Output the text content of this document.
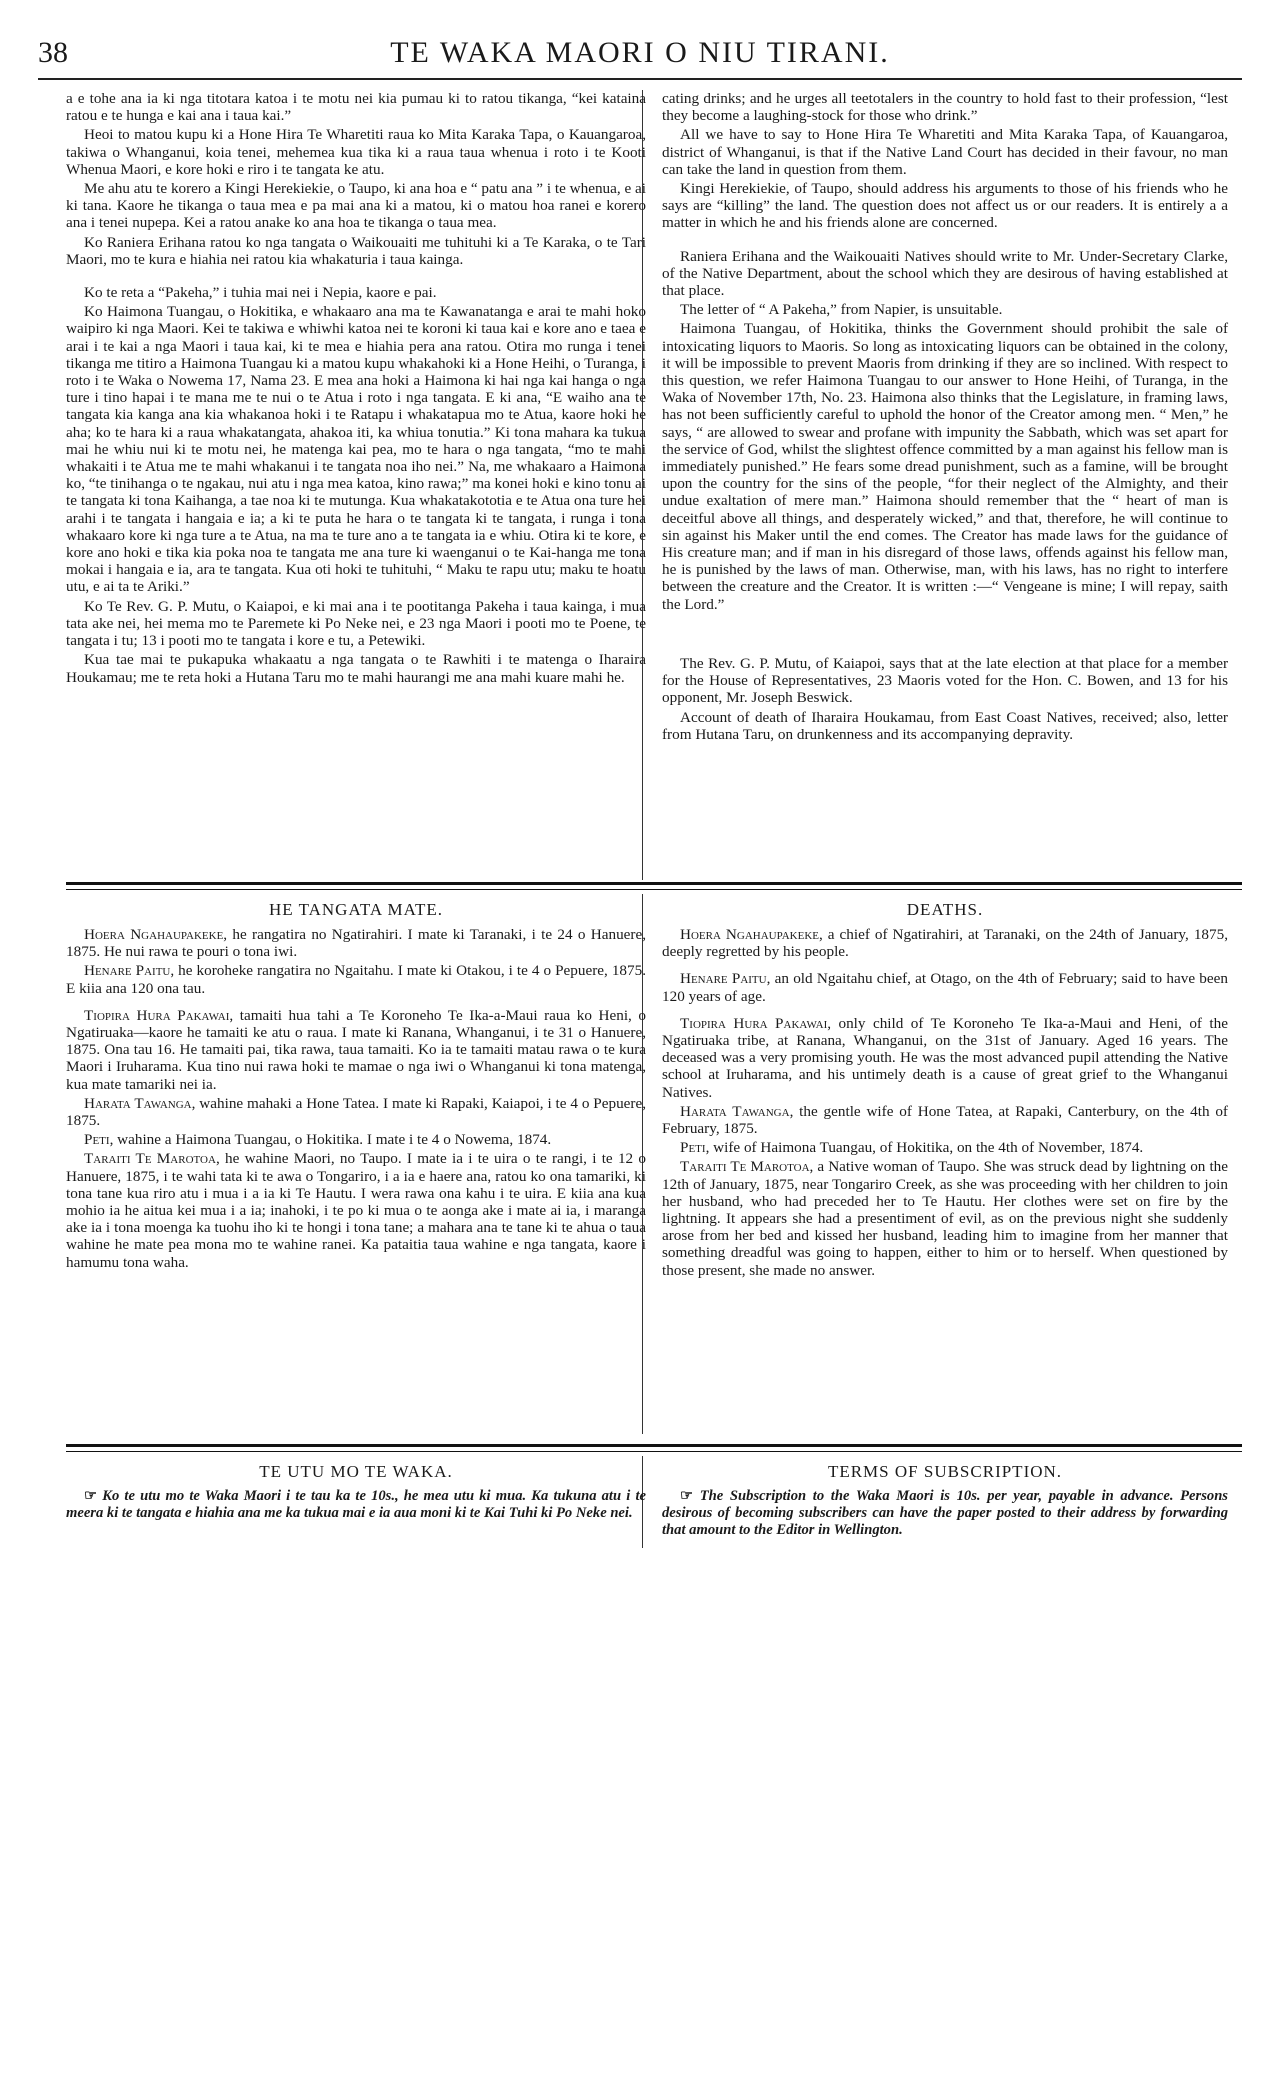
38	TE WAKA MAORI O NIU TIRANI.

a e tohe ana ia ki nga titotara katoa i te motu nei kia pumau ki to ratou tikanga, “kei kataina ratou e te hunga e kai ana i taua kai.”

Heoi to matou kupu ki a Hone Hira Te Wharetiti raua ko Mita Karaka Tapa, o Kauangaroa, takiwa o Whanganui, koia tenei, mehemea kua tika ki a raua taua whenua i roto i te Kooti Whenua Maori, e kore hoki e riro i te tangata ke atu.

Me ahu atu te korero a Kingi Herekiekie, o Taupo, ki ana hoa e “ patu ana ” i te whenua, e ai ki tana. Kaore he tikanga o taua mea e pa mai ana ki a matou, ki o matou hoa ranei e korero ana i tenei nupepa. Kei a ratou anake ko ana hoa te tikanga o taua mea.

Ko Raniera Erihana ratou ko nga tangata o Waikouaiti me tuhituhi ki a Te Karaka, o te Tari Maori, mo te kura e hiahia nei ratou kia whakaturia i taua kainga.

Ko te reta a “Pakeha,” i tuhia mai nei i Nepia, kaore e pai.

Ko Haimona Tuangau, o Hokitika, e whakaaro ana ma te Kawanatanga e arai te mahi hoko waipiro ki nga Maori. Kei te takiwa e whiwhi katoa nei te koroni ki taua kai e kore ano e taea e arai i te kai a nga Maori i taua kai, ki te mea e hiahia pera ana ratou. Otira mo runga i tenei tikanga me titiro a Haimona Tuangau ki a matou kupu whakahoki ki a Hone Heihi, o Turanga, i roto i te Waka o Nowema 17, Nama 23. E mea ana hoki a Haimona ki hai nga kai hanga o nga ture i tino hapai i te mana me te nui o te Atua i roto i nga tangata. E ki ana, “E waiho ana te tangata kia kanga ana kia whakanoa hoki i te Ratapu i whakatapua mo te Atua, kaore hoki he aha; ko te hara ki a raua whakatangata, ahakoa iti, ka whiua tonutia.” Ki tona mahara ka tukua mai he whiu nui ki te motu nei, he matenga kai pea, mo te hara o nga tangata, “mo te mahi whakaiti i te Atua me te mahi whakanui i te tangata noa iho nei.” Na, me whakaaro a Haimona ko, “te tinihanga o te ngakau, nui atu i nga mea katoa, kino rawa;” ma konei hoki e kino tonu ai te tangata ki tona Kaihanga, a tae noa ki te mutunga. Kua whakatakototia e te Atua ona ture hei arahi i te tangata i hangaia e ia; a ki te puta he hara o te tangata ki te tangata, i runga i tona whakaaro kore ki nga ture a te Atua, na ma te ture ano a te tangata ia e whiu. Otira ki te kore, e kore ano hoki e tika kia poka noa te tangata me ana ture ki waenganui o te Kai-hanga me tona mokai i hangaia e ia, ara te tangata. Kua oti hoki te tuhituhi, “ Maku te rapu utu; maku te hoatu utu, e ai ta te Ariki.”

Ko Te Rev. G. P. Mutu, o Kaiapoi, e ki mai ana i te pootitanga Pakeha i taua kainga, i mua tata ake nei, hei mema mo te Paremete ki Po Neke nei, e 23 nga Maori i pooti mo te Poene, te tangata i tu; 13 i pooti mo te tangata i kore e tu, a Petewiki.

Kua tae mai te pukapuka whakaatu a nga tangata o te Rawhiti i te matenga o Iharaira Houkamau; me te reta hoki a Hutana Taru mo te mahi haurangi me ana mahi kuare mahi he.

cating drinks; and he urges all teetotalers in the country to hold fast to their profession, “lest they become a laughing-stock for those who drink.”

All we have to say to Hone Hira Te Wharetiti and Mita Karaka Tapa, of Kauangaroa, district of Whanganui, is that if the Native Land Court has decided in their favour, no man can take the land in question from them.

Kingi Herekiekie, of Taupo, should address his arguments to those of his friends who he says are “killing” the land. The question does not affect us or our readers. It is entirely a a matter in which he and his friends alone are concerned.

Raniera Erihana and the Waikouaiti Natives should write to Mr. Under-Secretary Clarke, of the Native Department, about the school which they are desirous of having established at that place.

The letter of “ A Pakeha,” from Napier, is unsuitable.

Haimona Tuangau, of Hokitika, thinks the Government should prohibit the sale of intoxicating liquors to Maoris. So long as intoxicating liquors can be obtained in the colony, it will be impossible to prevent Maoris from drinking if they are so inclined. With respect to this question, we refer Haimona Tuangau to our answer to Hone Heihi, of Turanga, in the Waka of November 17th, No. 23. Haimona also thinks that the Legislature, in framing laws, has not been sufficiently careful to uphold the honor of the Creator among men. “ Men,” he says, “ are allowed to swear and profane with impunity the Sabbath, which was set apart for the service of God, whilst the slightest offence committed by a man against his fellow man is immediately punished.” He fears some dread punishment, such as a famine, will be brought upon the country for the sins of the people, “for their neglect of the Almighty, and their undue exaltation of mere man.” Haimona should remember that the “ heart of man is deceitful above all things, and desperately wicked,” and that, therefore, he will continue to sin against his Maker until the end comes. The Creator has made laws for the guidance of His creature man; and if man in his disregard of those laws, offends against his fellow man, he is punished by the laws of man. Otherwise, man, with his laws, has no right to interfere between the creature and the Creator. It is written :—“ Vengeane is mine; I will repay, saith the Lord.”

The Rev. G. P. Mutu, of Kaiapoi, says that at the late election at that place for a member for the House of Representatives, 23 Maoris voted for the Hon. C. Bowen, and 13 for his opponent, Mr. Joseph Beswick.

Account of death of Iharaira Houkamau, from East Coast Natives, received; also, letter from Hutana Taru, on drunkenness and its accompanying depravity.

HE TANGATA MATE.

Hoera Ngahaupakeke, he rangatira no Ngatirahiri. I mate ki Taranaki, i te 24 o Hanuere, 1875. He nui rawa te pouri o tona iwi.

Henare Paitu, he koroheke rangatira no Ngaitahu. I mate ki Otakou, i te 4 o Pepuere, 1875. E kiia ana 120 ona tau.

Tiopira Hura Pakawai, tamaiti hua tahi a Te Koroneho Te Ika-a-Maui raua ko Heni, o Ngatiruaka—kaore he tamaiti ke atu o raua. I mate ki Ranana, Whanganui, i te 31 o Hanuere, 1875. Ona tau 16. He tamaiti pai, tika rawa, taua tamaiti. Ko ia te tamaiti matau rawa o te kura Maori i Iruharama. Kua tino nui rawa hoki te mamae o nga iwi o Whanganui ki tona matenga, kua mate tamariki nei ia.

Harata Tawanga, wahine mahaki a Hone Tatea. I mate ki Rapaki, Kaiapoi, i te 4 o Pepuere, 1875.

Peti, wahine a Haimona Tuangau, o Hokitika. I mate i te 4 o Nowema, 1874.

Taraiti Te Marotoa, he wahine Maori, no Taupo. I mate ia i te uira o te rangi, i te 12 o Hanuere, 1875, i te wahi tata ki te awa o Tongariro, i a ia e haere ana, ratou ko ona tamariki, ki tona tane kua riro atu i mua i a ia ki Te Hautu. I wera rawa ona kahu i te uira. E kiia ana kua mohio ia he aitua kei mua i a ia; inahoki, i te po ki mua o te aonga ake i mate ai ia, i maranga ake ia i tona moenga ka tuohu iho ki te hongi i tona tane; a mahara ana te tane ki te ahua o taua wahine he mate pea mona mo te wahine ranei. Ka pataitia taua wahine e nga tangata, kaore i hamumu tona waha.

DEATHS.

Hoera Ngahaupakeke, a chief of Ngatirahiri, at Taranaki, on the 24th of January, 1875, deeply regretted by his people.

Henare Paitu, an old Ngaitahu chief, at Otago, on the 4th of February; said to have been 120 years of age.

Tiopira Hura Pakawai, only child of Te Koroneho Te Ika-a-Maui and Heni, of the Ngatiruaka tribe, at Ranana, Whanganui, on the 31st of January. Aged 16 years. The deceased was a very promising youth. He was the most advanced pupil attending the Native school at Iruharama, and his untimely death is a cause of great grief to the Whanganui Natives.

Harata Tawanga, the gentle wife of Hone Tatea, at Rapaki, Canterbury, on the 4th of February, 1875.

Peti, wife of Haimona Tuangau, of Hokitika, on the 4th of November, 1874.

Taraiti Te Marotoa, a Native woman of Taupo. She was struck dead by lightning on the 12th of January, 1875, near Tongariro Creek, as she was proceeding with her children to join her husband, who had preceded her to Te Hautu. Her clothes were set on fire by the lightning. It appears she had a presentiment of evil, as on the previous night she suddenly arose from her bed and kissed her husband, leading him to imagine from her manner that something dreadful was going to happen, either to him or to herself. When questioned by those present, she made no answer.

TE UTU MO TE WAKA.

☞ Ko te utu mo te Waka Maori i te tau ka te 10s., he mea utu ki mua. Ka tukuna atu i te meera ki te tangata e hiahia ana me ka tukua mai e ia aua moni ki te Kai Tuhi ki Po Neke nei.

TERMS OF SUBSCRIPTION.

☞ The Subscription to the Waka Maori is 10s. per year, payable in advance. Persons desirous of becoming subscribers can have the paper posted to their address by forwarding that amount to the Editor in Wellington.
